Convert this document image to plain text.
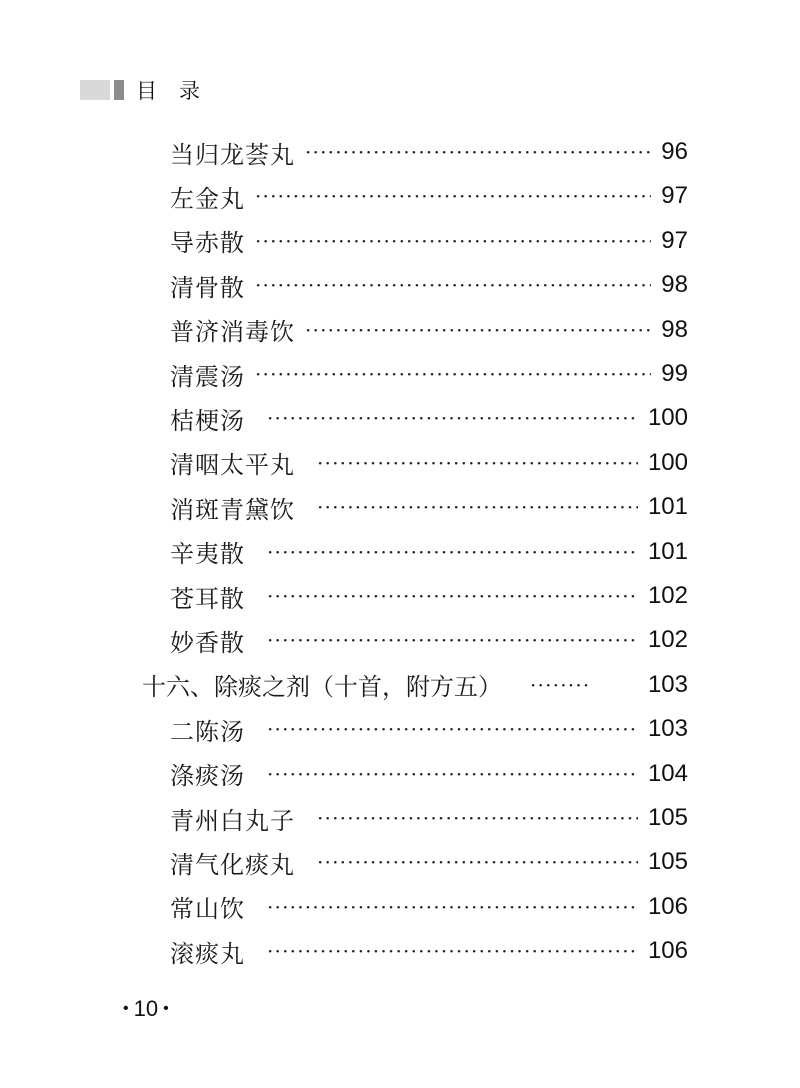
目录
当归龙荟丸 ·····	96
左金丸 ·····	97
导赤散 ·····	97
清骨散 ·····	98
普济消毒饮 ·····	98
清震汤 ·····	99
桔梗汤 ·····	100
清咽太平丸 ·····	100
消斑青黛饮 ·····	101
辛夷散 ·····	101
苍耳散 ·····	102
妙香散 ·····	102
十六、除痰之剂（十首，附方五） ·····	103
二陈汤 ·····	103
涤痰汤 ·····	104
青州白丸子 ·····	105
清气化痰丸 ·····	105
常山饮 ·····	106
滚痰丸 ·····	106
• 10 •
